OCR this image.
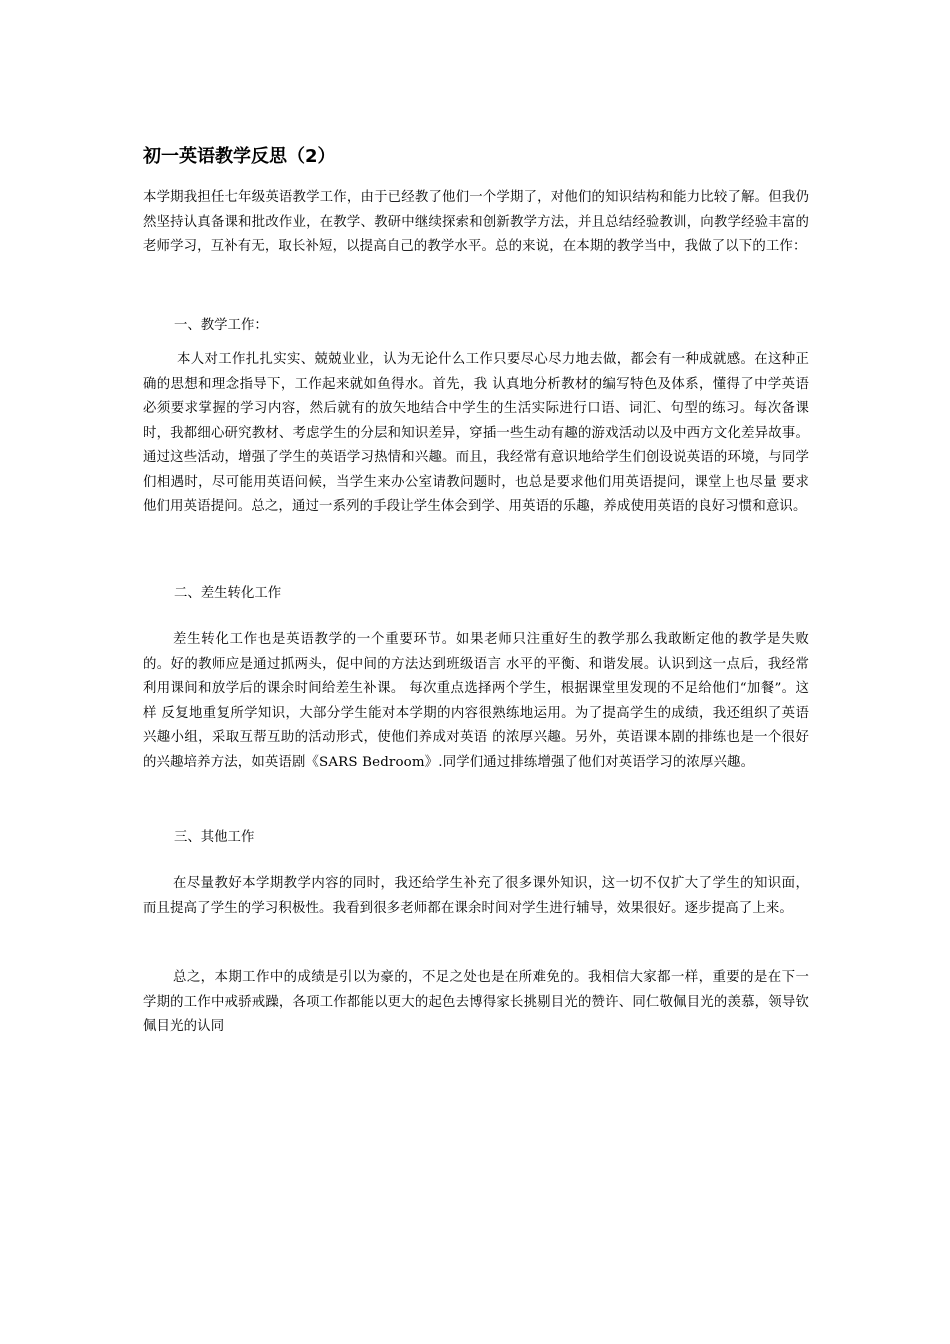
初一英语教学反思（2）

本学期我担任七年级英语教学工作，由于已经教了他们一个学期了，对他们的知识结构和能力比较了解。但我仍然坚持认真备课和批改作业，在教学、教研中继续探索和创新教学方法，并且总结经验教训，向教学经验丰富的老师学习，互补有无，取长补短，以提高自己的教学水平。总的来说，在本期的教学当中，我做了以下的工作：

一、教学工作：

本人对工作扎扎实实、兢兢业业，认为无论什么工作只要尽心尽力地去做，都会有一种成就感。在这种正确的思想和理念指导下，工作起来就如鱼得水。首先，我 认真地分析教材的编写特色及体系，懂得了中学英语必须要求掌握的学习内容，然后就有的放矢地结合中学生的生活实际进行口语、词汇、句型的练习。每次备课 时，我都细心研究教材、考虑学生的分层和知识差异，穿插一些生动有趣的游戏活动以及中西方文化差异故事。通过这些活动，增强了学生的英语学习热情和兴趣。而且，我经常有意识地给学生们创设说英语的环境，与同学们相遇时，尽可能用英语问候，当学生来办公室请教问题时，也总是要求他们用英语提问，课堂上也尽量 要求他们用英语提问。总之，通过一系列的手段让学生体会到学、用英语的乐趣，养成使用英语的良好习惯和意识。

二、差生转化工作

差生转化工作也是英语教学的一个重要环节。如果老师只注重好生的教学那么我敢断定他的教学是失败的。好的教师应是通过抓两头，促中间的方法达到班级语言 水平的平衡、和谐发展。认识到这一点后，我经常利用课间和放学后的课余时间给差生补课。 每次重点选择两个学生，根据课堂里发现的不足给他们“加餐”。这样 反复地重复所学知识，大部分学生能对本学期的内容很熟练地运用。为了提高学生的成绩，我还组织了英语兴趣小组，采取互帮互助的活动形式，使他们养成对英语 的浓厚兴趣。另外，英语课本剧的排练也是一个很好的兴趣培养方法，如英语剧《SARS Bedroom》.同学们通过排练增强了他们对英语学习的浓厚兴趣。

三、其他工作

在尽量教好本学期教学内容的同时，我还给学生补充了很多课外知识，这一切不仅扩大了学生的知识面，而且提高了学生的学习积极性。我看到很多老师都在课余时间对学生进行辅导，效果很好。逐步提高了上来。

总之，本期工作中的成绩是引以为豪的，不足之处也是在所难免的。我相信大家都一样，重要的是在下一学期的工作中戒骄戒躁，各项工作都能以更大的起色去博得家长挑剔目光的赞许、同仁敬佩目光的羡慕，领导钦佩目光的认同
